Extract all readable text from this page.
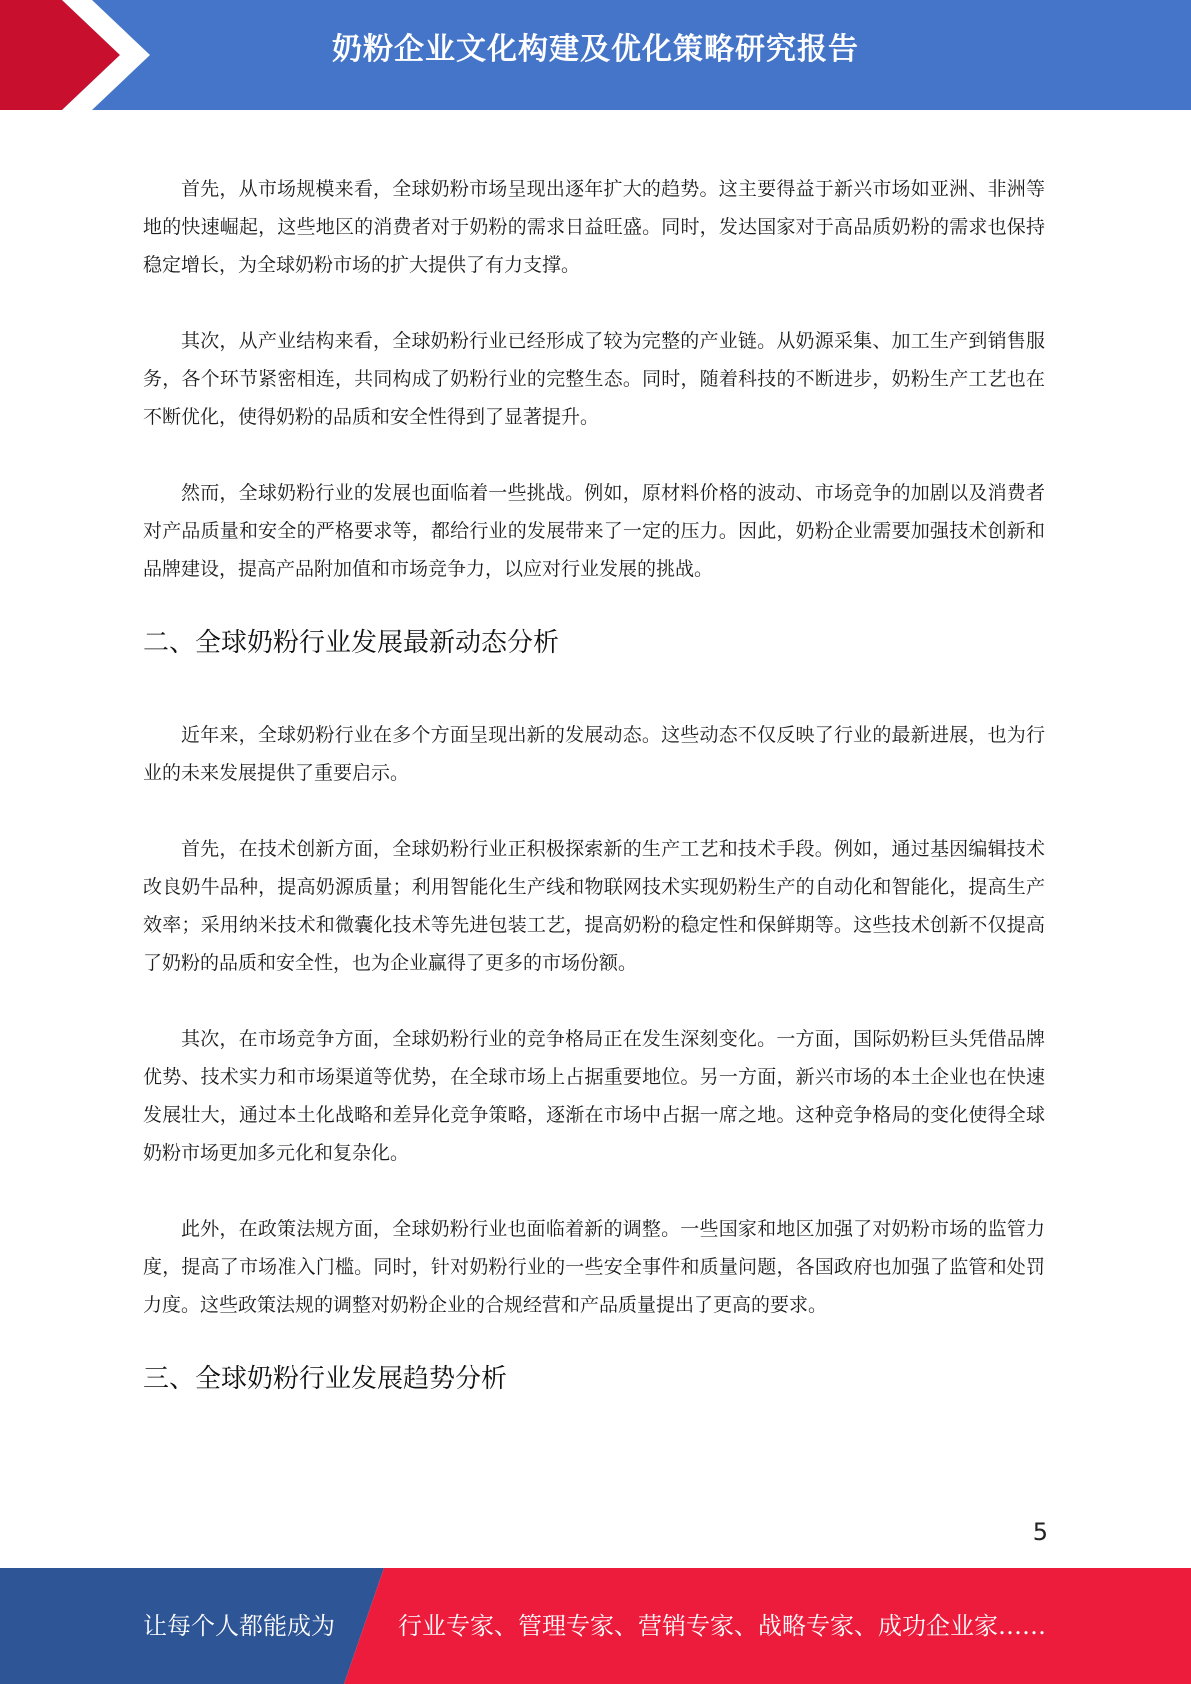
奶粉企业文化构建及优化策略研究报告

首先，从市场规模来看，全球奶粉市场呈现出逐年扩大的趋势。这主要得益于新兴市场如亚洲、非洲等地的快速崛起，这些地区的消费者对于奶粉的需求日益旺盛。同时，发达国家对于高品质奶粉的需求也保持稳定增长，为全球奶粉市场的扩大提供了有力支撑。

其次，从产业结构来看，全球奶粉行业已经形成了较为完整的产业链。从奶源采集、加工生产到销售服务，各个环节紧密相连，共同构成了奶粉行业的完整生态。同时，随着科技的不断进步，奶粉生产工艺也在不断优化，使得奶粉的品质和安全性得到了显著提升。

然而，全球奶粉行业的发展也面临着一些挑战。例如，原材料价格的波动、市场竞争的加剧以及消费者对产品质量和安全的严格要求等，都给行业的发展带来了一定的压力。因此，奶粉企业需要加强技术创新和品牌建设，提高产品附加值和市场竞争力，以应对行业发展的挑战。

二、全球奶粉行业发展最新动态分析

近年来，全球奶粉行业在多个方面呈现出新的发展动态。这些动态不仅反映了行业的最新进展，也为行业的未来发展提供了重要启示。

首先，在技术创新方面，全球奶粉行业正积极探索新的生产工艺和技术手段。例如，通过基因编辑技术改良奶牛品种，提高奶源质量；利用智能化生产线和物联网技术实现奶粉生产的自动化和智能化，提高生产效率；采用纳米技术和微囊化技术等先进包装工艺，提高奶粉的稳定性和保鲜期等。这些技术创新不仅提高了奶粉的品质和安全性，也为企业赢得了更多的市场份额。

其次，在市场竞争方面，全球奶粉行业的竞争格局正在发生深刻变化。一方面，国际奶粉巨头凭借品牌优势、技术实力和市场渠道等优势，在全球市场上占据重要地位。另一方面，新兴市场的本土企业也在快速发展壮大，通过本土化战略和差异化竞争策略，逐渐在市场中占据一席之地。这种竞争格局的变化使得全球奶粉市场更加多元化和复杂化。

此外，在政策法规方面，全球奶粉行业也面临着新的调整。一些国家和地区加强了对奶粉市场的监管力度，提高了市场准入门槛。同时，针对奶粉行业的一些安全事件和质量问题，各国政府也加强了监管和处罚力度。这些政策法规的调整对奶粉企业的合规经营和产品质量提出了更高的要求。

三、全球奶粉行业发展趋势分析
5
让每个人都能成为	行业专家、管理专家、营销专家、战略专家、成功企业家……
